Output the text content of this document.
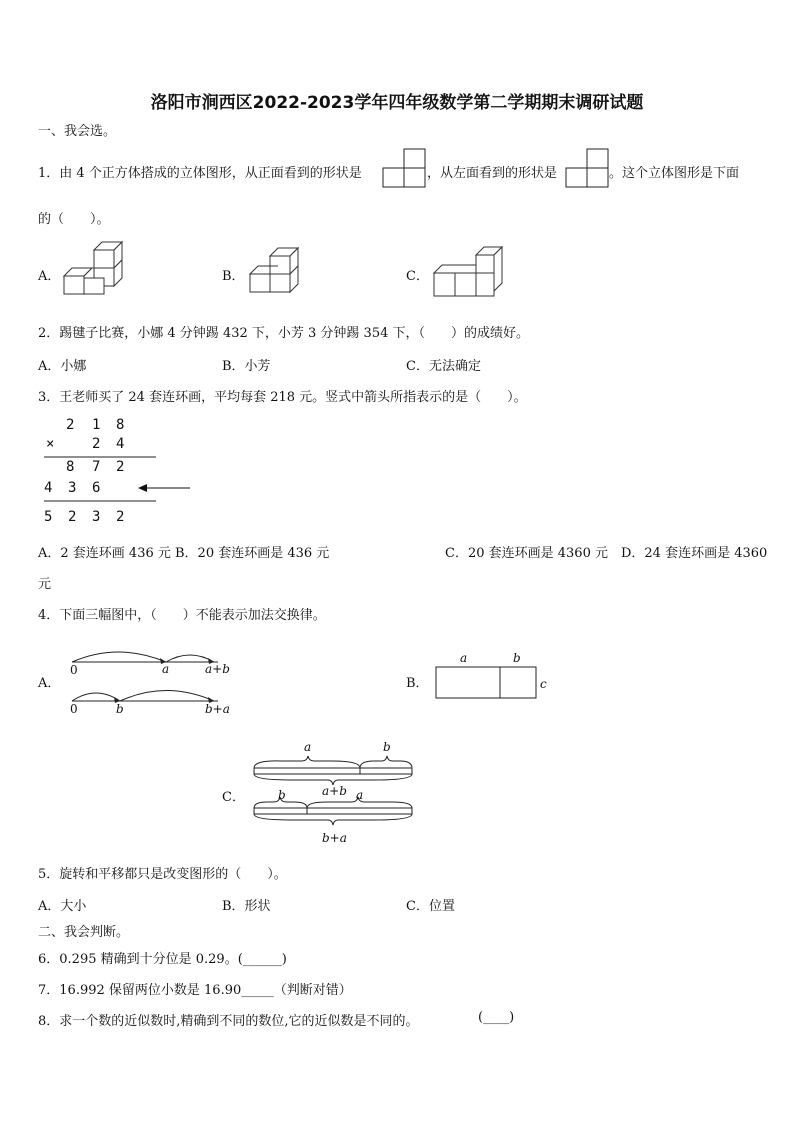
洛阳市涧西区2022-2023学年四年级数学第二学期期末调研试题
一、我会选。
1．由 4 个正方体搭成的立体图形，从正面看到的形状是	，从左面看到的形状是	。这个立体图形是下面
的（　　）。
A．	B．	C．
2．踢毽子比赛，小娜 4 分钟踢 432 下，小芳 3 分钟踢 354 下，（　　）的成绩好。
A．小娜	B．小芳	C．无法确定
3．王老师买了 24 套连环画，平均每套 218 元。竖式中箭头所指表示的是（　　）。
2 1 8
×	2 4
8 7 2
4 3 6
5 2 3 2
A．2 套连环画 436 元 B．20 套连环画是 436 元	C．20 套连环画是 4360 元　D．24 套连环画是 4360
元
4．下面三幅图中，（　　）不能表示加法交换律。
A．
0	a	a+b
0	b	b+a
B．
a	b
c
C．
a	b
a+b
b	a
b+a
5．旋转和平移都只是改变图形的（　　）。
A．大小	B．形状	C．位置
二、我会判断。
6．0.295 精确到十分位是 0.29。(______)
7．16.992 保留两位小数是 16.90_____（判断对错）
8．求一个数的近似数时,精确到不同的数位,它的近似数是不同的。	(____)
